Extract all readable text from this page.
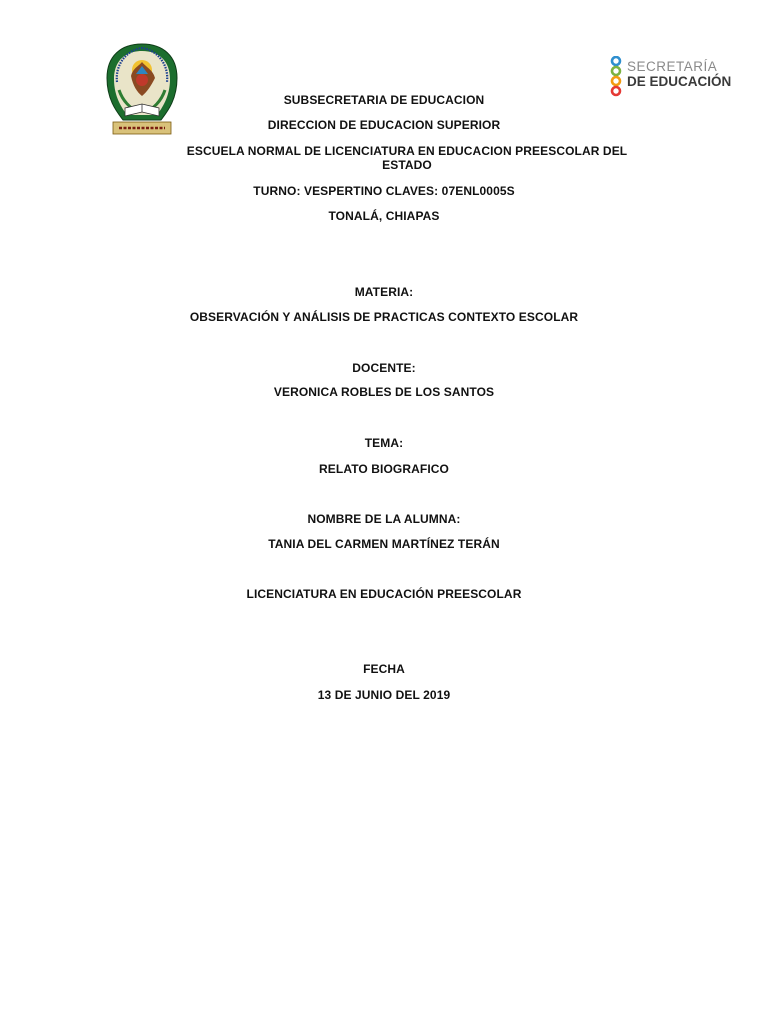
SECRETARÍA
DE EDUCACIÓN
SUBSECRETARIA DE EDUCACION
DIRECCION DE EDUCACION SUPERIOR
ESCUELA NORMAL DE LICENCIATURA EN EDUCACION PREESCOLAR DEL ESTADO
TURNO: VESPERTINO CLAVES: 07ENL0005S
TONALÁ, CHIAPAS
MATERIA:
OBSERVACIÓN Y ANÁLISIS DE PRACTICAS CONTEXTO ESCOLAR
DOCENTE:
VERONICA ROBLES DE LOS SANTOS
TEMA:
RELATO BIOGRAFICO
NOMBRE DE LA ALUMNA:
TANIA DEL CARMEN MARTÍNEZ TERÁN
LICENCIATURA EN EDUCACIÓN PREESCOLAR
FECHA
13 DE JUNIO DEL 2019
